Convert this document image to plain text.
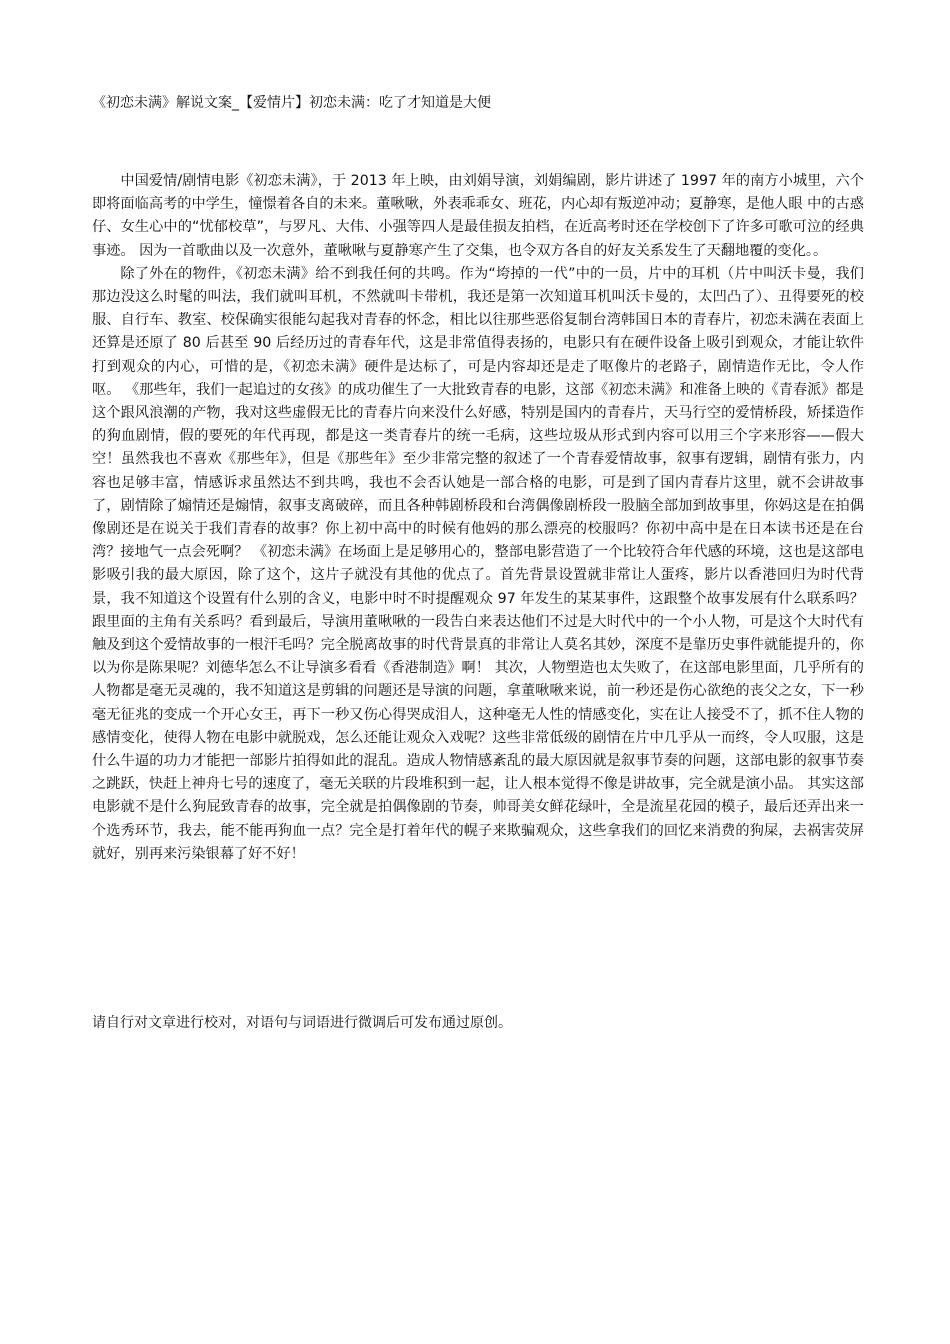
《初恋未满》解说文案_【爱情片】初恋未满：吃了才知道是大便

中国爱情/剧情电影《初恋未满》，于 2013 年上映，由刘娟导演，刘娟编剧，影片讲述了 1997 年的南方小城里，六个即将面临高考的中学生，憧憬着各自的未来。董啾啾，外表乖乖女、班花，内心却有叛逆冲动；夏静寒，是他人眼 中的古惑仔、女生心中的“忧郁校草”，与罗凡、大伟、小强等四人是最佳损友拍档，在近高考时还在学校创下了许多可歌可泣的经典事迹。 因为一首歌曲以及一次意外，董啾啾与夏静寒产生了交集，也令双方各自的好友关系发生了天翻地覆的变化。。

除了外在的物件，《初恋未满》给不到我任何的共鸣。作为“垮掉的一代”中的一员，片中的耳机（片中叫沃卡曼，我们那边没这么时髦的叫法，我们就叫耳机，不然就叫卡带机，我还是第一次知道耳机叫沃卡曼的，太凹凸了）、丑得要死的校服、自行车、教室、校保确实很能勾起我对青春的怀念，相比以往那些恶俗复制台湾韩国日本的青春片，初恋未满在表面上还算是还原了 80 后甚至 90 后经历过的青春年代，这是非常值得表扬的，电影只有在硬件设备上吸引到观众，才能让软件打到观众的内心，可惜的是，《初恋未满》硬件是达标了，可是内容却还是走了呕像片的老路子，剧情造作无比，令人作呕。 《那些年，我们一起追过的女孩》的成功催生了一大批致青春的电影，这部《初恋未满》和准备上映的《青春派》都是这个跟风浪潮的产物，我对这些虚假无比的青春片向来没什么好感，特别是国内的青春片，天马行空的爱情桥段，矫揉造作的狗血剧情，假的要死的年代再现，都是这一类青春片的统一毛病，这些垃圾从形式到内容可以用三个字来形容——假大空！虽然我也不喜欢《那些年》，但是《那些年》至少非常完整的叙述了一个青春爱情故事，叙事有逻辑，剧情有张力，内容也足够丰富，情感诉求虽然达不到共鸣，我也不会否认她是一部合格的电影，可是到了国内青春片这里，就不会讲故事了，剧情除了煽情还是煽情，叙事支离破碎，而且各种韩剧桥段和台湾偶像剧桥段一股脑全部加到故事里，你妈这是在拍偶像剧还是在说关于我们青春的故事？你上初中高中的时候有他妈的那么漂亮的校服吗？你初中高中是在日本读书还是在台湾？接地气一点会死啊？ 《初恋未满》在场面上是足够用心的，整部电影营造了一个比较符合年代感的环境，这也是这部电影吸引我的最大原因，除了这个，这片子就没有其他的优点了。首先背景设置就非常让人蛋疼，影片以香港回归为时代背景，我不知道这个设置有什么别的含义，电影中时不时提醒观众 97 年发生的某某事件，这跟整个故事发展有什么联系吗？跟里面的主角有关系吗？看到最后，导演用董啾啾的一段告白来表达他们不过是大时代中的一个小人物，可是这个大时代有触及到这个爱情故事的一根汗毛吗？完全脱离故事的时代背景真的非常让人莫名其妙，深度不是靠历史事件就能提升的，你以为你是陈果呢？刘德华怎么不让导演多看看《香港制造》啊！ 其次，人物塑造也太失败了，在这部电影里面，几乎所有的人物都是毫无灵魂的，我不知道这是剪辑的问题还是导演的问题，拿董啾啾来说，前一秒还是伤心欲绝的丧父之女，下一秒毫无征兆的变成一个开心女王，再下一秒又伤心得哭成泪人，这种毫无人性的情感变化，实在让人接受不了，抓不住人物的感情变化，使得人物在电影中就脱戏，怎么还能让观众入戏呢？这些非常低级的剧情在片中几乎从一而终，令人叹服，这是什么牛逼的功力才能把一部影片拍得如此的混乱。造成人物情感紊乱的最大原因就是叙事节奏的问题，这部电影的叙事节奏之跳跃，快赶上神舟七号的速度了，毫无关联的片段堆积到一起，让人根本觉得不像是讲故事，完全就是演小品。 其实这部电影就不是什么狗屁致青春的故事，完全就是拍偶像剧的节奏，帅哥美女鲜花绿叶，全是流星花园的模子，最后还弄出来一个选秀环节，我去，能不能再狗血一点？完全是打着年代的幌子来欺骗观众，这些拿我们的回忆来消费的狗屎，去祸害荧屏就好，别再来污染银幕了好不好！

请自行对文章进行校对，对语句与词语进行微调后可发布通过原创。
